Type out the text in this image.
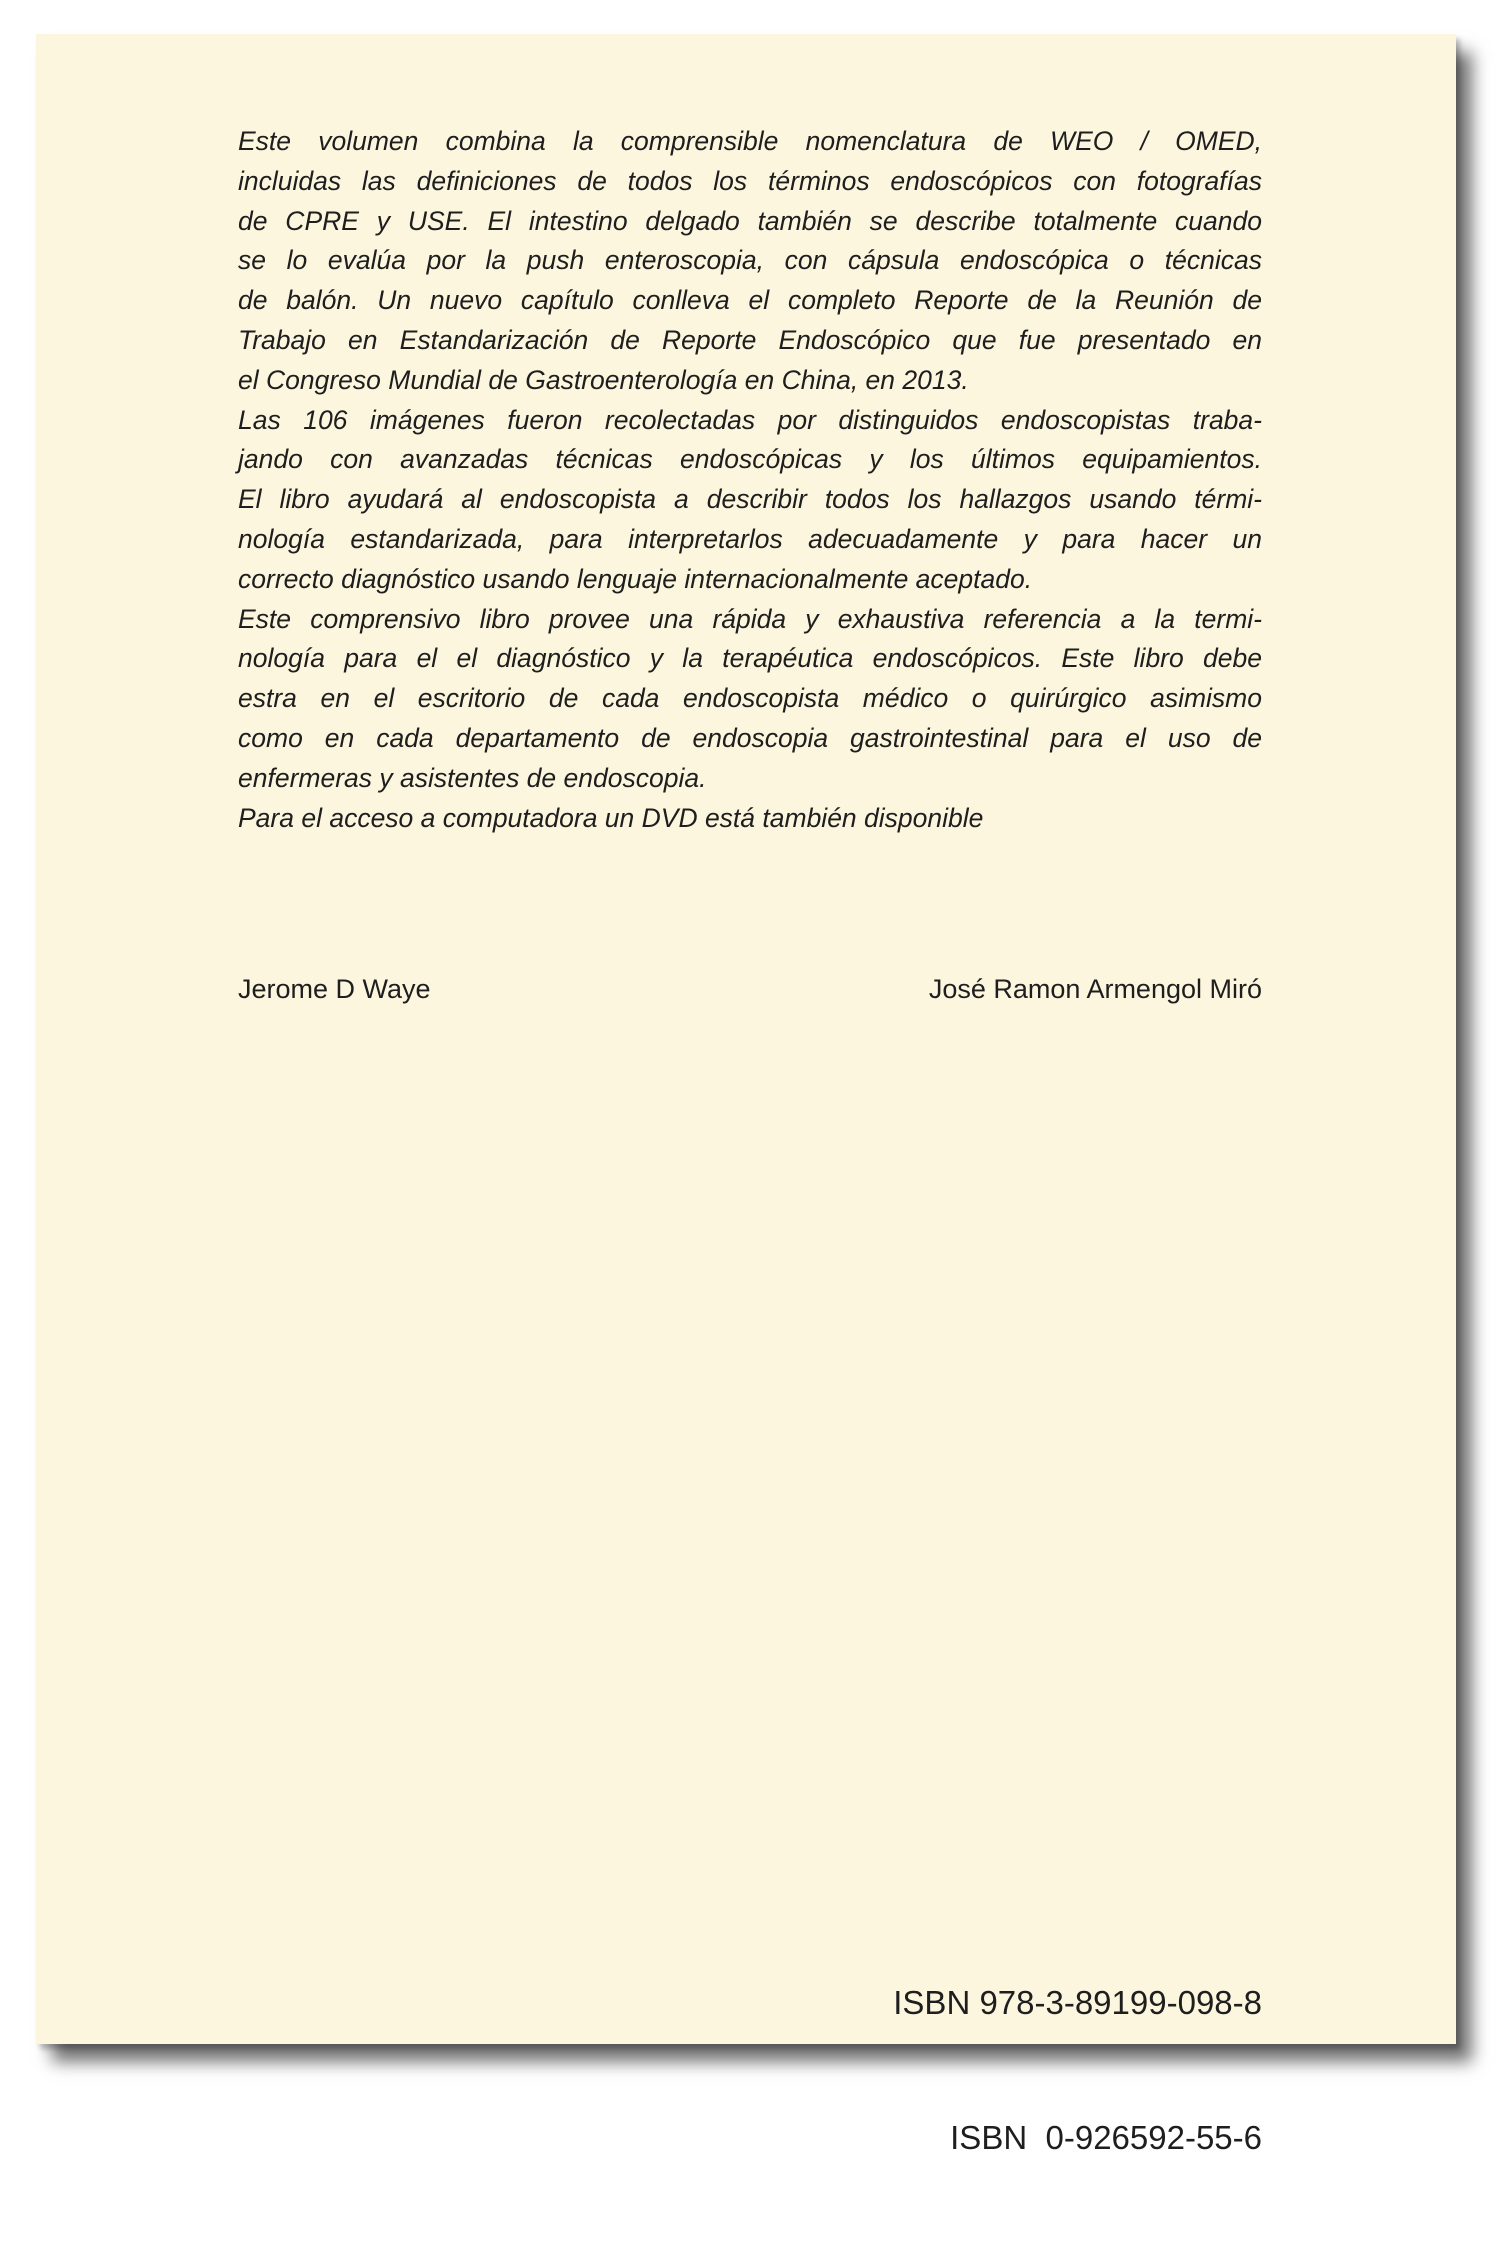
Este volumen combina la comprensible nomenclatura de WEO / OMED,

incluidas las definiciones de todos los términos endoscópicos con fotografías

de CPRE y USE. El intestino delgado también se describe totalmente cuando

se lo evalúa por la push enteroscopia, con cápsula endoscópica o técnicas

de balón. Un nuevo capítulo conlleva el completo Reporte de la Reunión de

Trabajo en Estandarización de Reporte Endoscópico que fue presentado en

el Congreso Mundial de Gastroenterología en China, en 2013.

Las 106 imágenes fueron recolectadas por distinguidos endoscopistas traba-

jando con avanzadas técnicas endoscópicas y los últimos equipamientos.

El libro ayudará al endoscopista a describir todos los hallazgos usando térmi-

nología estandarizada, para interpretarlos adecuadamente y para hacer un

correcto diagnóstico usando lenguaje internacionalmente aceptado.

Este comprensivo libro provee una rápida y exhaustiva referencia a la termi-

nología para el el diagnóstico y la terapéutica endoscópicos. Este libro debe

estra en el escritorio de cada endoscopista médico o quirúrgico asimismo

como en cada departamento de endoscopia gastrointestinal para el uso de

enfermeras y asistentes de endoscopia.

Para el acceso a computadora un DVD está también disponible

Jerome D Waye	José Ramon Armengol Miró

ISBN 978-3-89199-098-8

ISBN  0-926592-55-6
